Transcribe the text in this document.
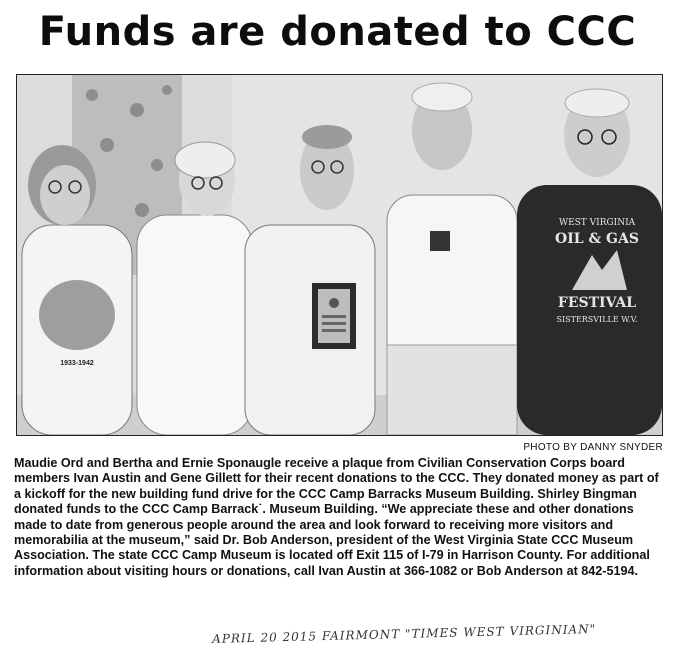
Funds are donated to CCC
1933-1942
WEST VIRGINIA
OIL & GAS
FESTIVAL
SISTERSVILLE W.V.
PHOTO BY DANNY SNYDER
Maudie Ord and Bertha and Ernie Sponaugle receive a plaque from Civilian Conservation Corps board members Ivan Austin and Gene Gillett for their recent donations to the CCC. They donated money as part of a kickoff for the new building fund drive for the CCC Camp Barracks Museum Building. Shirley Bingman donated funds to the CCC Camp Barrack˙. Museum Building. “We appreciate these and other donations made to date from generous people around the area and look forward to receiving more visitors and memorabilia at the museum,” said Dr. Bob Anderson, president of the West Virginia State CCC Museum Association. The state CCC Camp Museum is located off Exit 115 of I-79 in Harrison County. For additional information about visiting hours or donations, call Ivan Austin at 366-1082 or Bob Anderson at 842-5194.
APRIL 20 2015 FAIRMONT "TIMES WEST VIRGINIAN"
